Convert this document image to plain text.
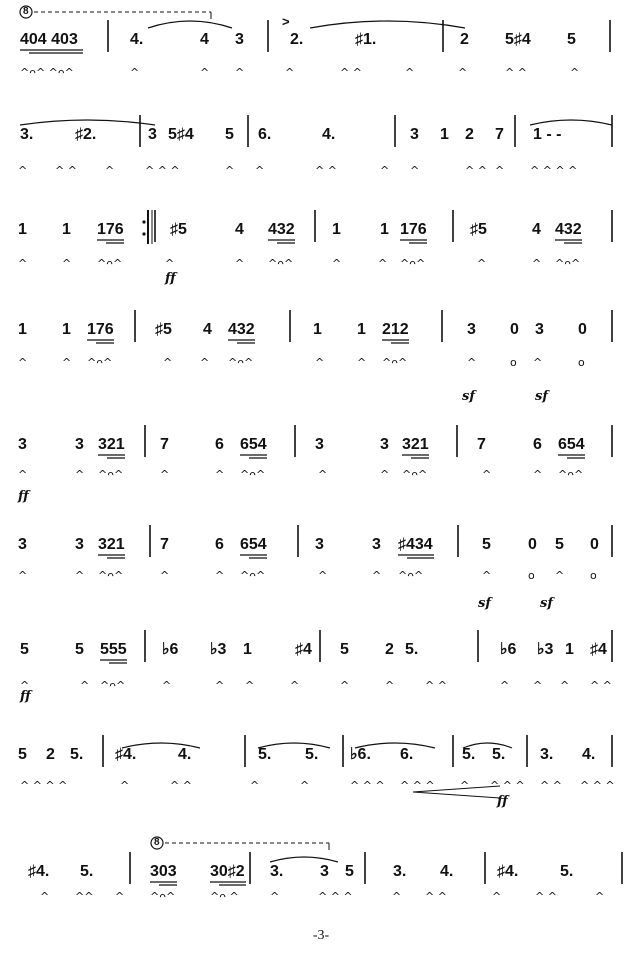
404 403	4.	4 3
>
2.	♯1.	2 5♯4 5
^ᴖ^ ^ᴖ^	^	^ ^	^	^ ^	^	^	^ ^	^
3.	♯2.	3 5♯4 5 6.	4.	3 1 2 7 1 - -
^	^ ^	^	^ ^ ^	^ ^	^ ^	^ ^	^ ^ ^ ^ ^ ^ ^
1 1 176	♯5	4 432 1 1 176	♯5	4 432
^	^ ^ᴖ^	^	^ ^ᴖ^	^	^ ^ᴖ^	^	^ ^ᴖ^
ff
1 1 176	♯5 4 432	1 1 212	3 0 3 0
^	^ ^ᴖ^	^	^ ^ᴖ^	^	^ ^ᴖ^	^	o ^	o
sf	sf
3	3 321 7	6 654	3	3 321	7	6 654
^	^ ^ᴖ^	^	^ ^ᴖ^	^	^ ^ᴖ^	^	^ ^ᴖ^
ff
3	3 321 7	6 654	3	3 ♯434	5 0 5 0
^	^ ^ᴖ^	^	^ ^ᴖ^	^	^ ^ᴖ^	^	o ^ o
sf	sf
5	5 555 ♭6 ♭3 1	♯4 5 2 5.	♭6 ♭3 1 ♯4
^	^ ^ᴖ^	^	^ ^	^	^	^	^ ^	^ ^ ^ ^ ^
ff
5 2 5. ♯4.	4.	5. 5. ♭6. 6.	5. 5. 3. 4.
^ ^ ^ ^	^	^ ^	^	^	^ ^ ^ ^ ^ ^ ^ ^ ^ ^ ^ ^ ^ ^ ^
ff
♯4. 5.	303 30♯2 3. 3 5 3. 4.	♯4.	5.
^ ^^ ^ ^ᴖ^	^ᴖ ^	^	^ ^ ^	^ ^ ^	^	^ ^	^
8
8
-3-
